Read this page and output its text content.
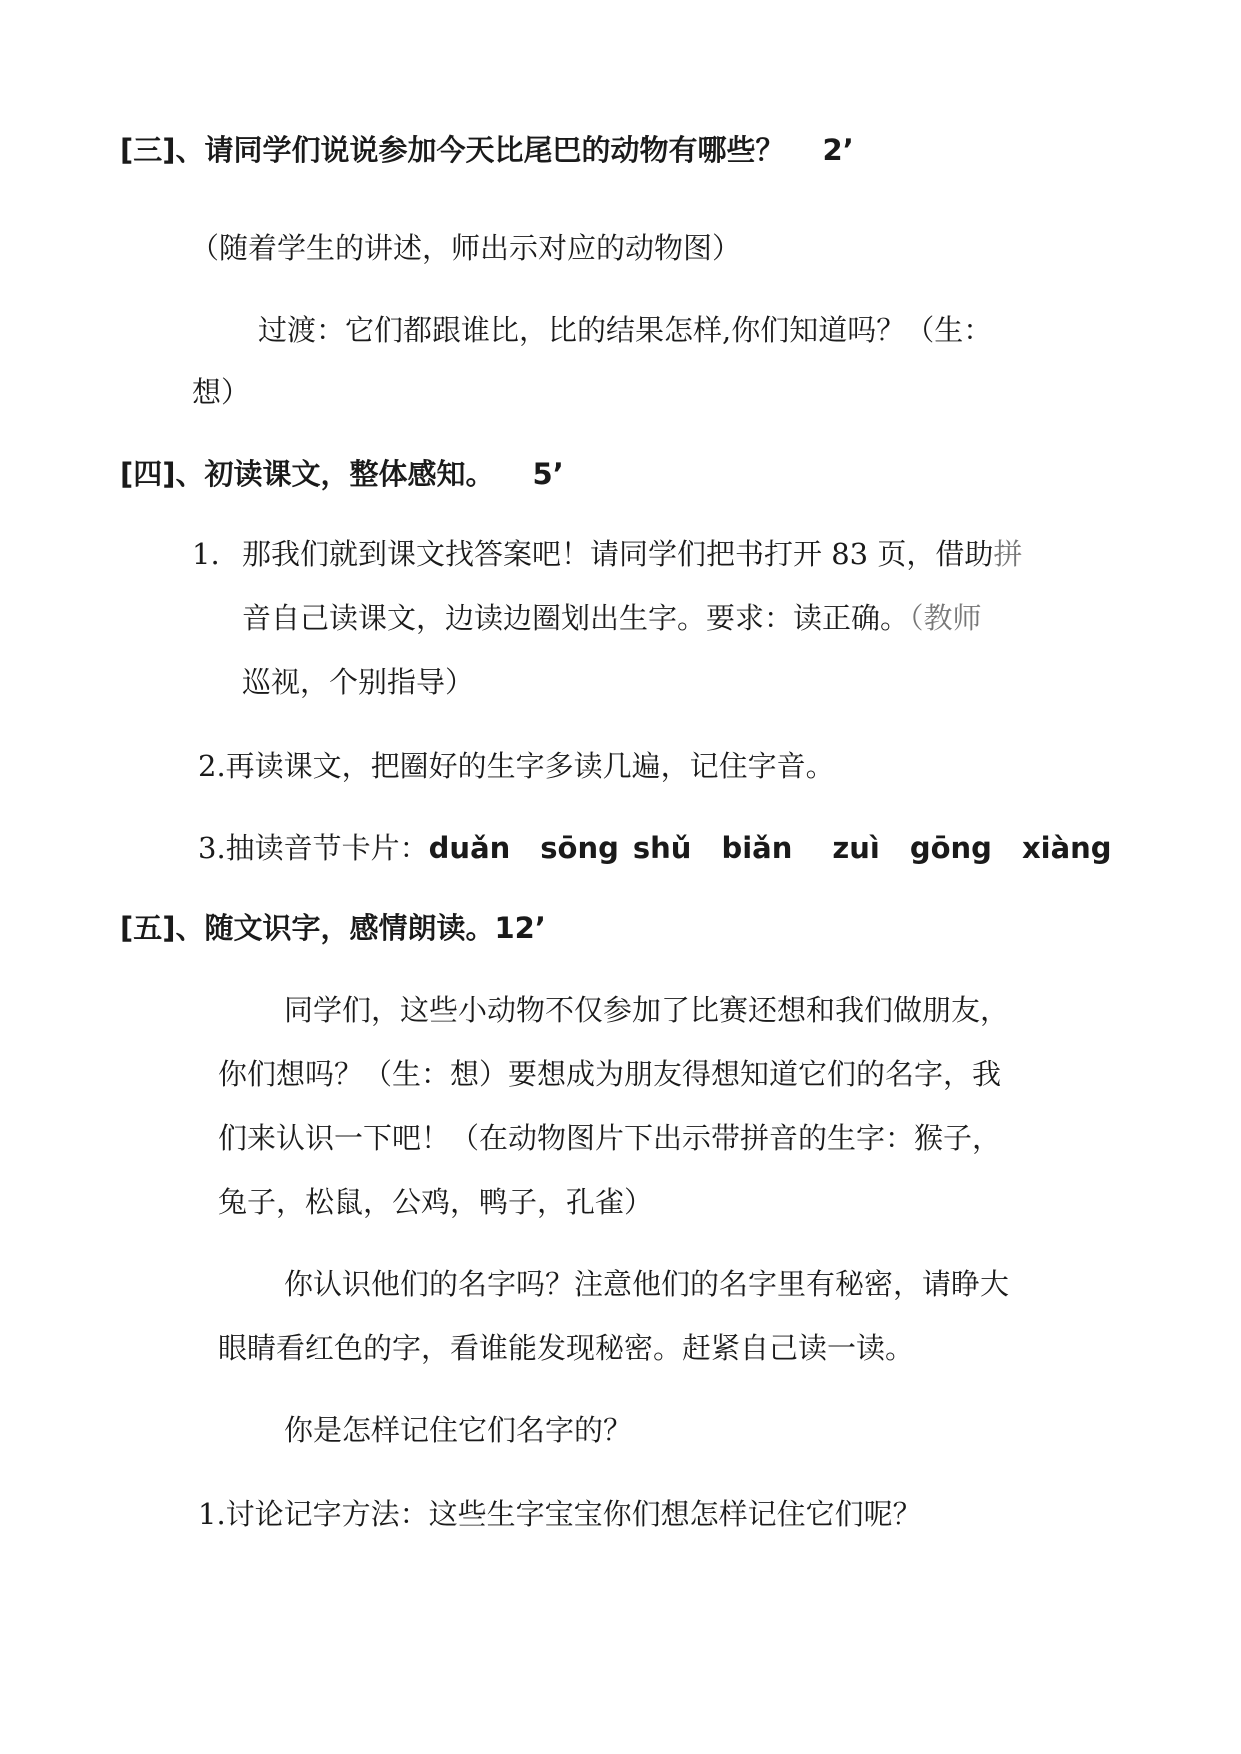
[三]、请同学们说说参加今天比尾巴的动物有哪些？ 2’
（随着学生的讲述，师出示对应的动物图）
过渡：它们都跟谁比，比的结果怎样,你们知道吗？（生：
想）
[四]、初读课文，整体感知。 5’
1. 那我们就到课文找答案吧！请同学们把书打开 83 页，借助拼
音自己读课文，边读边圈划出生字。要求：读正确。（教师
巡视，个别指导）
2.再读课文，把圈好的生字多读几遍，记住字音。
3.抽读音节卡片：duǎn sōng shǔ biǎn zuì gōng xiàng
[五]、随文识字，感情朗读。12’
同学们，这些小动物不仅参加了比赛还想和我们做朋友，
你们想吗？（生：想）要想成为朋友得想知道它们的名字，我
们来认识一下吧！（在动物图片下出示带拼音的生字：猴子，
兔子，松鼠，公鸡，鸭子，孔雀）
你认识他们的名字吗？注意他们的名字里有秘密，请睁大
眼睛看红色的字，看谁能发现秘密。赶紧自己读一读。
你是怎样记住它们名字的？
1.讨论记字方法：这些生字宝宝你们想怎样记住它们呢？
